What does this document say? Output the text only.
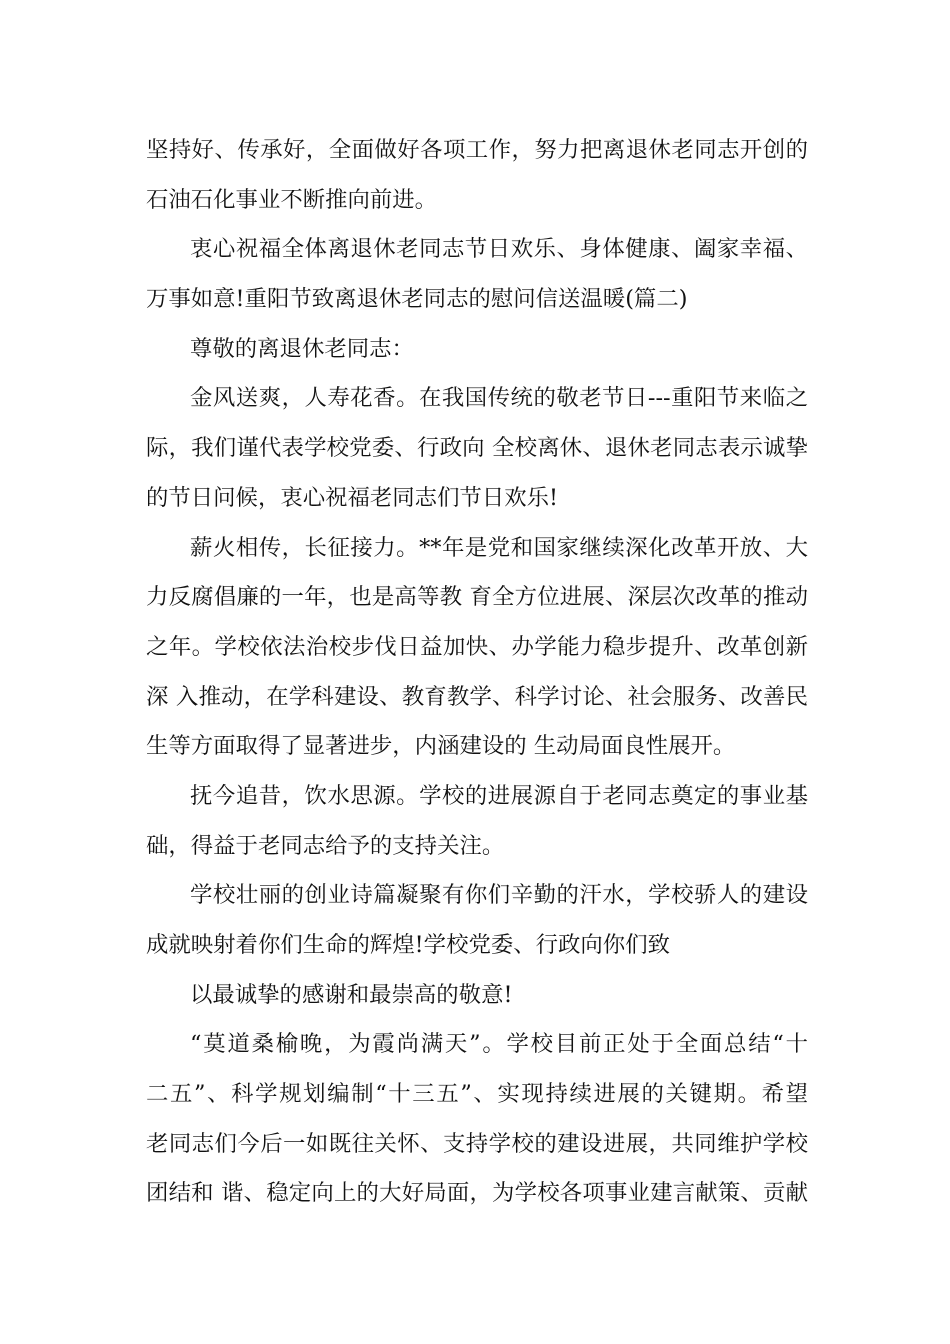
坚持好、传承好，全面做好各项工作，努力把离退休老同志开创的
石油石化事业不断推向前进。
衷心祝福全体离退休老同志节日欢乐、身体健康、阖家幸福、
万事如意!重阳节致离退休老同志的慰问信送温暖(篇二)
尊敬的离退休老同志：
金风送爽，人寿花香。在我国传统的敬老节日---重阳节来临之
际，我们谨代表学校党委、行政向 全校离休、退休老同志表示诚挚
的节日问候，衷心祝福老同志们节日欢乐!
薪火相传，长征接力。**年是党和国家继续深化改革开放、大
力反腐倡廉的一年，也是高等教 育全方位进展、深层次改革的推动
之年。学校依法治校步伐日益加快、办学能力稳步提升、改革创新
深 入推动，在学科建设、教育教学、科学讨论、社会服务、改善民
生等方面取得了显著进步，内涵建设的 生动局面良性展开。
抚今追昔，饮水思源。学校的进展源自于老同志奠定的事业基
础，得益于老同志给予的支持关注。
学校壮丽的创业诗篇凝聚有你们辛勤的汗水，学校骄人的建设
成就映射着你们生命的辉煌!学校党委、行政向你们致
以最诚挚的感谢和最崇高的敬意!
“莫道桑榆晚，为霞尚满天”。学校目前正处于全面总结“十
二五”、科学规划编制“十三五”、实现持续进展的关键期。希望
老同志们今后一如既往关怀、支持学校的建设进展，共同维护学校
团结和 谐、稳定向上的大好局面，为学校各项事业建言献策、贡献
